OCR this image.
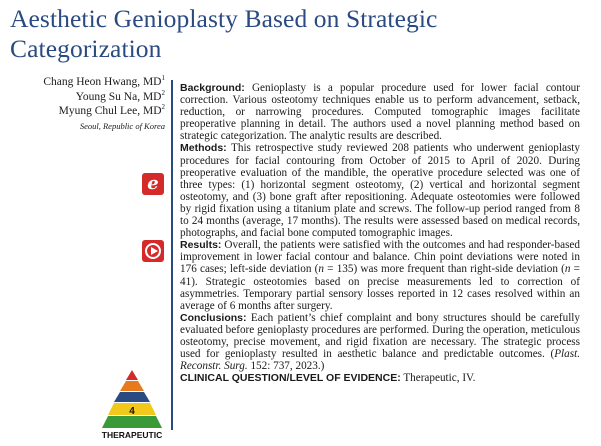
Aesthetic Genioplasty Based on Strategic
Categorization
Chang Heon Hwang, $MD^1$
Young Su Na, $MD^2$
Myung Chul Lee, $MD^2$
Seoul, Republic of Korea
e

Background: Genioplasty is a popular procedure used for lower facial contour correction. Various osteotomy techniques enable us to perform advancement, setback, reduction, or narrowing procedures. Computed tomographic images facilitate preoperative planning in detail. The authors used a novel planning method based on strategic categorization. The analytic results are described.

Methods: This retrospective study reviewed 208 patients who underwent genioplasty procedures for facial contouring from October of 2015 to April of 2020. During preoperative evaluation of the mandible, the operative procedure selected was one of three types: (1) horizontal segment osteotomy, (2) vertical and horizontal segment osteotomy, and (3) bone graft after repositioning. Adequate osteotomies were followed by rigid fixation using a titanium plate and screws. The follow-up period ranged from 8 to 24 months (average, 17 months). The results were assessed based on medical records, photographs, and facial bone computed tomographic images.

Results: Overall, the patients were satisfied with the outcomes and had responder-based improvement in lower facial contour and balance. Chin point deviations were noted in 176 cases; left-side deviation (n = 135) was more frequent than right-side deviation (n = 41). Strategic osteotomies based on precise measurements led to correction of asymmetries. Temporary partial sensory losses reported in 12 cases resolved within an average of 6 months after surgery.

Conclusions: Each patient’s chief complaint and bony structures should be carefully evaluated before genioplasty procedures are performed. During the operation, meticulous osteotomy, precise movement, and rigid fixation are necessary. The strategic process used for genioplasty resulted in aesthetic balance and predictable outcomes. (Plast. Reconstr. Surg. 152: 737, 2023.)

CLINICAL QUESTION/LEVEL OF EVIDENCE: Therapeutic, IV.

4
THERAPEUTIC
